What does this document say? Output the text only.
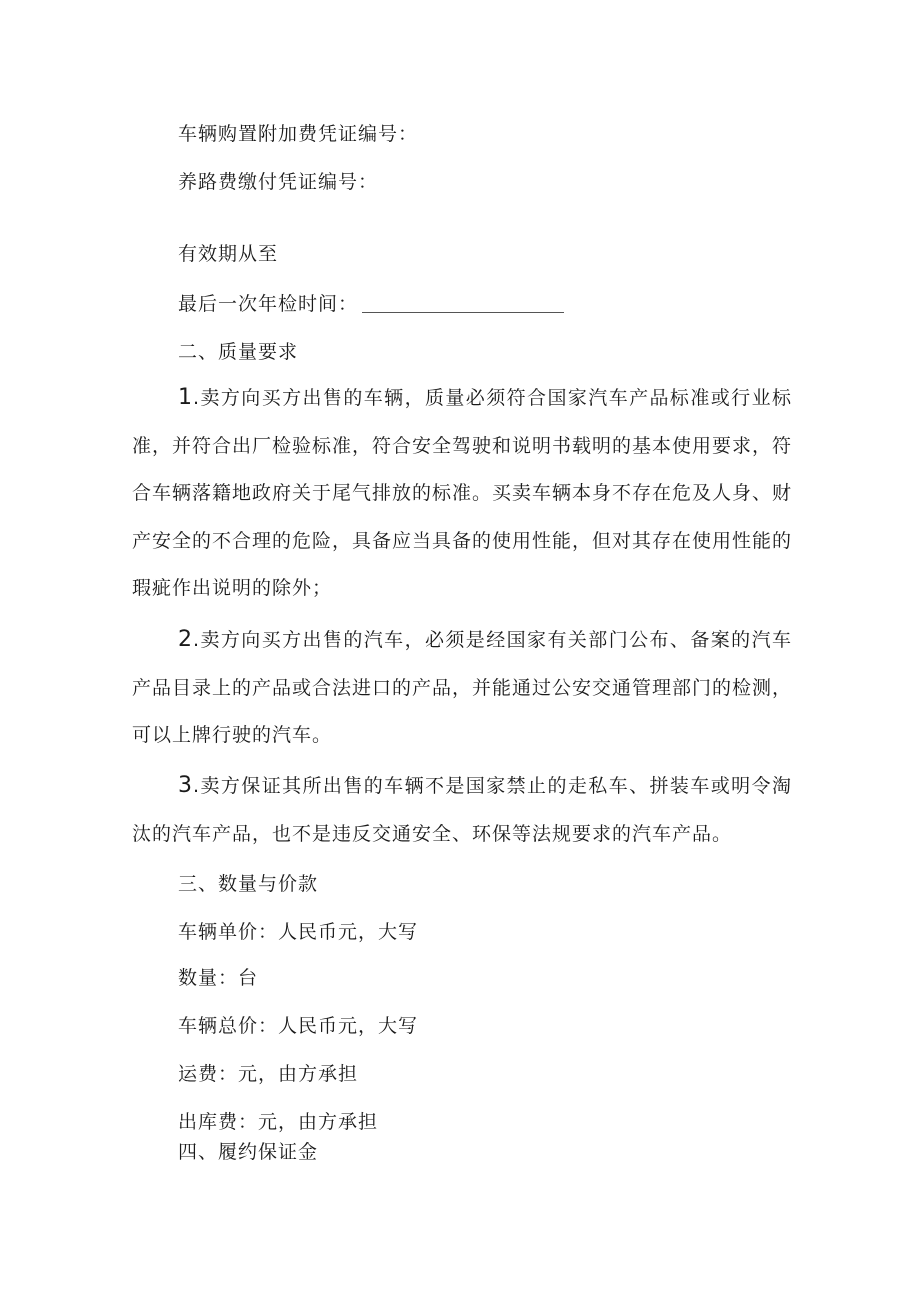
车辆购置附加费凭证编号：
养路费缴付凭证编号：
有效期从至
最后一次年检时间：
二、质量要求
1.卖方向买方出售的车辆，质量必须符合国家汽车产品标准或行业标准，并符合出厂检验标准，符合安全驾驶和说明书载明的基本使用要求，符合车辆落籍地政府关于尾气排放的标准。买卖车辆本身不存在危及人身、财产安全的不合理的危险，具备应当具备的使用性能，但对其存在使用性能的瑕疵作出说明的除外；
2.卖方向买方出售的汽车，必须是经国家有关部门公布、备案的汽车产品目录上的产品或合法进口的产品，并能通过公安交通管理部门的检测，可以上牌行驶的汽车。
3.卖方保证其所出售的车辆不是国家禁止的走私车、拼装车或明令淘汰的汽车产品，也不是违反交通安全、环保等法规要求的汽车产品。
三、数量与价款
车辆单价：人民币元，大写
数量：台
车辆总价：人民币元，大写
运费：元，由方承担
出库费：元，由方承担
四、履约保证金
